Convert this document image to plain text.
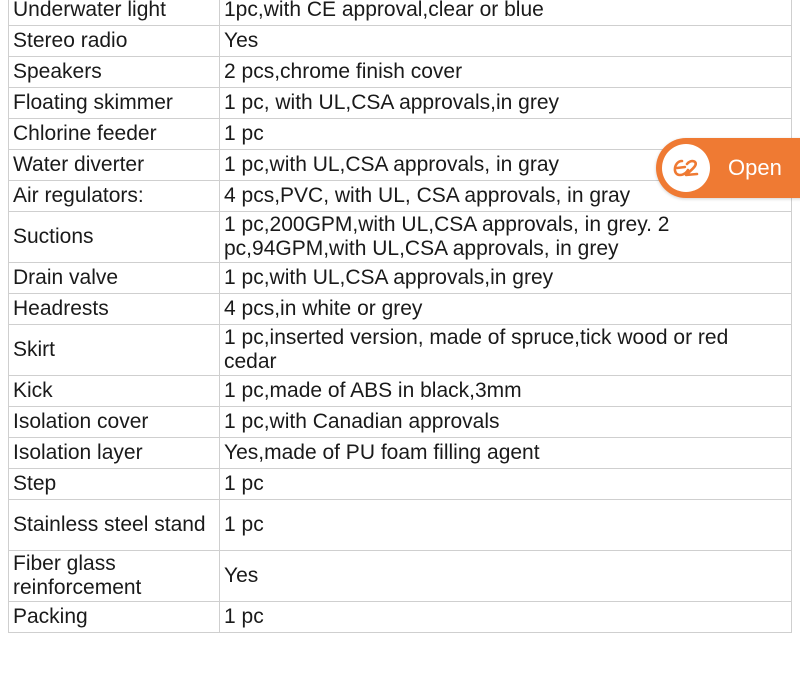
Underwater light	1pc,with CE approval,clear or blue
Stereo radio	Yes
Speakers	2 pcs,chrome finish cover
Floating skimmer	1 pc, with UL,CSA approvals,in grey
Chlorine feeder	1 pc
Water diverter	1 pc,with UL,CSA approvals, in gray
Air regulators:	4 pcs,PVC, with UL, CSA approvals, in gray
Suctions	1 pc,200GPM,with UL,CSA approvals, in grey. 2 pc,94GPM,with UL,CSA approvals, in grey
Drain valve	1 pc,with UL,CSA approvals,in grey
Headrests	4 pcs,in white or grey
Skirt	1 pc,inserted version, made of spruce,tick wood or red cedar
Kick	1 pc,made of ABS in black,3mm
Isolation cover	1 pc,with Canadian approvals
Isolation layer	Yes,made of PU foam filling agent
Step	1 pc
Stainless steel stand	1 pc
Fiber glass reinforcement	Yes
Packing	1 pc
Open
